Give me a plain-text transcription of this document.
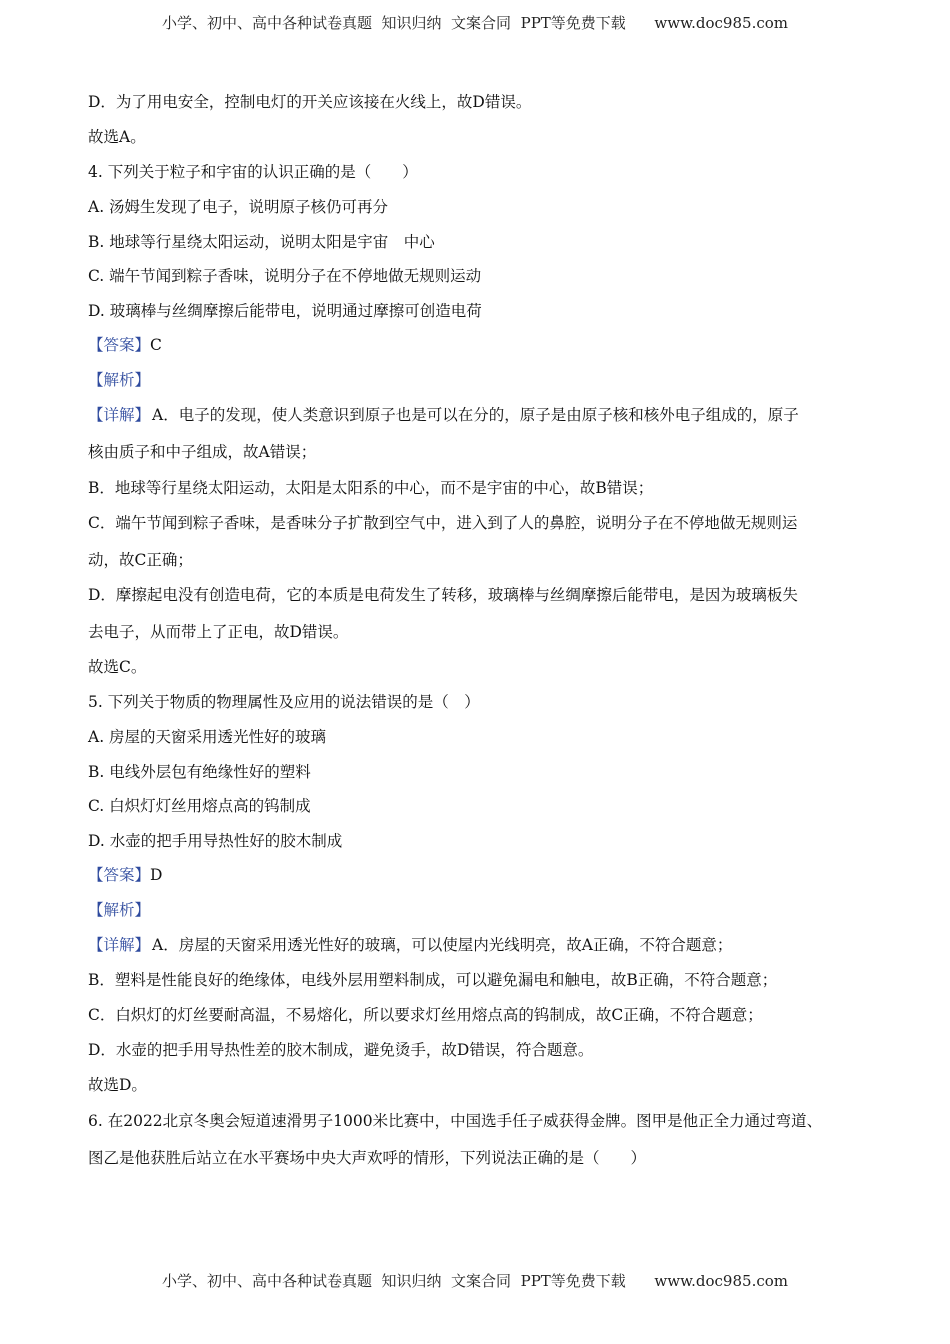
小学、初中、高中各种试卷真题  知识归纳  文案合同  PPT等免费下载      www.doc985.com
D．为了用电安全，控制电灯的开关应该接在火线上，故D错误。
故选A。
4. 下列关于粒子和宇宙的认识正确的是（　　）
A. 汤姆生发现了电子，说明原子核仍可再分
B. 地球等行星绕太阳运动，说明太阳是宇宙　中心
C. 端午节闻到粽子香味，说明分子在不停地做无规则运动
D. 玻璃棒与丝绸摩擦后能带电，说明通过摩擦可创造电荷
【答案】C
【解析】
【详解】 A．电子的发现，使人类意识到原子也是可以在分的，原子是由原子核和核外电子组成的，原子
核由质子和中子组成，故A错误；
B．地球等行星绕太阳运动，太阳是太阳系的中心，而不是宇宙的中心，故B错误；
C．端午节闻到粽子香味，是香味分子扩散到空气中，进入到了人的鼻腔，说明分子在不停地做无规则运
动，故C正确；
D．摩擦起电没有创造电荷，它的本质是电荷发生了转移，玻璃棒与丝绸摩擦后能带电，是因为玻璃板失
去电子，从而带上了正电，故D错误。
故选C。
5. 下列关于物质的物理属性及应用的说法错误的是（　）
A. 房屋的天窗采用透光性好的玻璃
B. 电线外层包有绝缘性好的塑料
C. 白炽灯灯丝用熔点高的钨制成
D. 水壶的把手用导热性好的胶木制成
【答案】D
【解析】
【详解】 A．房屋的天窗采用透光性好的玻璃，可以使屋内光线明亮，故A正确，不符合题意；
B．塑料是性能良好的绝缘体，电线外层用塑料制成，可以避免漏电和触电，故B正确，不符合题意；
C．白炽灯的灯丝要耐高温，不易熔化，所以要求灯丝用熔点高的钨制成，故C正确，不符合题意；
D．水壶的把手用导热性差的胶木制成，避免烫手，故D错误，符合题意。
故选D。
6. 在2022北京冬奥会短道速滑男子1000米比赛中，中国选手任子威获得金牌。图甲是他正全力通过弯道、
图乙是他获胜后站立在水平赛场中央大声欢呼的情形，下列说法正确的是（　　）
小学、初中、高中各种试卷真题  知识归纳  文案合同  PPT等免费下载      www.doc985.com
